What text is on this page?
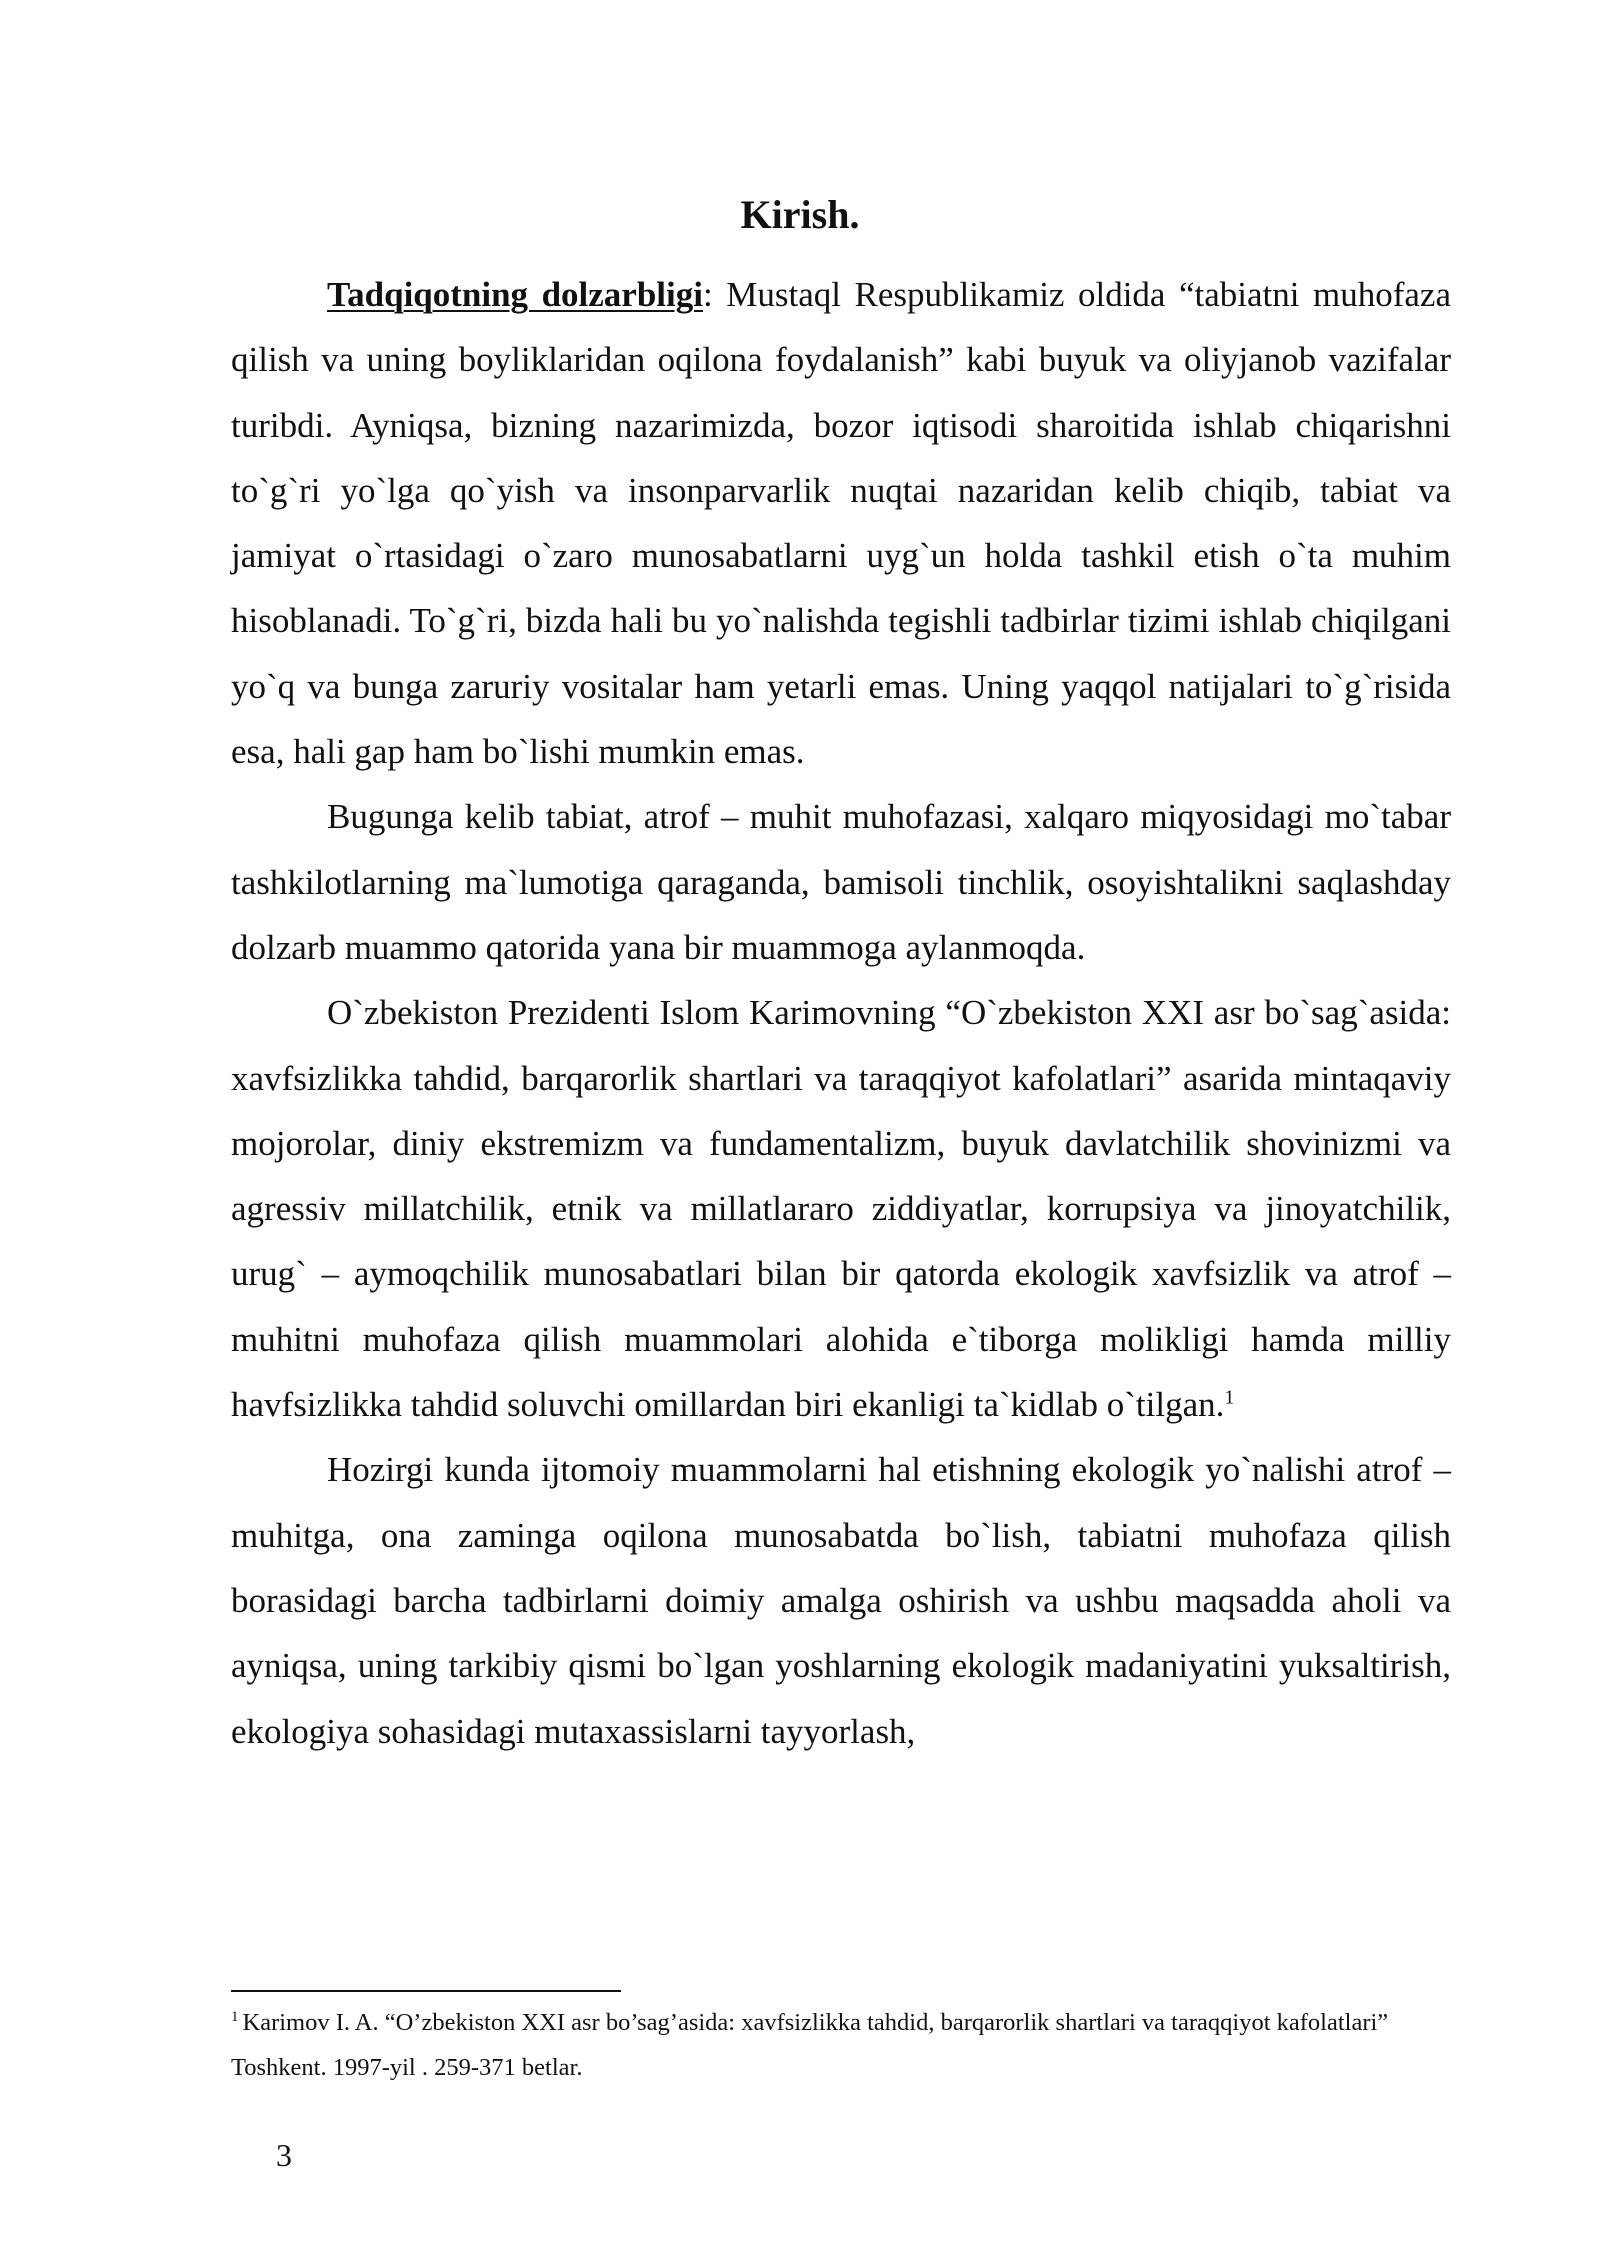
Kirish.

Tadqiqotning dolzarbligi: Mustaql Respublikamiz oldida “tabiatni muhofaza qilish va uning boyliklaridan oqilona foydalanish” kabi buyuk va oliyjanob vazifalar turibdi. Ayniqsa, bizning nazarimizda, bozor iqtisodi sharoitida ishlab chiqarishni to`g`ri yo`lga qo`yish va insonparvarlik nuqtai nazaridan kelib chiqib, tabiat va jamiyat o`rtasidagi o`zaro munosabatlarni uyg`un holda tashkil etish o`ta muhim hisoblanadi. To`g`ri, bizda hali bu yo`nalishda tegishli tadbirlar tizimi ishlab chiqilgani yo`q va bunga zaruriy vositalar ham yetarli emas. Uning yaqqol natijalari to`g`risida esa, hali gap ham bo`lishi mumkin emas.

Bugunga kelib tabiat, atrof – muhit muhofazasi, xalqaro miqyosidagi mo`tabar tashkilotlarning ma`lumotiga qaraganda, bamisoli tinchlik, osoyishtalikni saqlashday dolzarb muammo qatorida yana bir muammoga aylanmoqda.

O`zbekiston Prezidenti Islom Karimovning “O`zbekiston XXI asr bo`sag`asida: xavfsizlikka tahdid, barqarorlik shartlari va taraqqiyot kafolatlari” asarida mintaqaviy mojorolar, diniy ekstremizm va fundamentalizm, buyuk davlatchilik shovinizmi va agressiv millatchilik, etnik va millatlararo ziddiyatlar, korrupsiya va jinoyatchilik, urug` – aymoqchilik munosabatlari bilan bir qatorda ekologik xavfsizlik va atrof – muhitni muhofaza qilish muammolari alohida e`tiborga molikligi hamda milliy havfsizlikka tahdid soluvchi omillardan biri ekanligi ta`kidlab o`tilgan.$^1$

Hozirgi kunda ijtomoiy muammolarni hal etishning ekologik yo`nalishi atrof – muhitga, ona zaminga oqilona munosabatda bo`lish, tabiatni muhofaza qilish borasidagi barcha tadbirlarni doimiy amalga oshirish va ushbu maqsadda aholi va ayniqsa, uning tarkibiy qismi bo`lgan yoshlarning ekologik madaniyatini yuksaltirish, ekologiya sohasidagi mutaxassislarni tayyorlash,

$^1$ Karimov I. A. “O’zbekiston XXI asr bo’sag’asida: xavfsizlikka tahdid, barqarorlik shartlari va taraqqiyot kafolatlari” Toshkent. 1997-yil . 259-371 betlar.

3
